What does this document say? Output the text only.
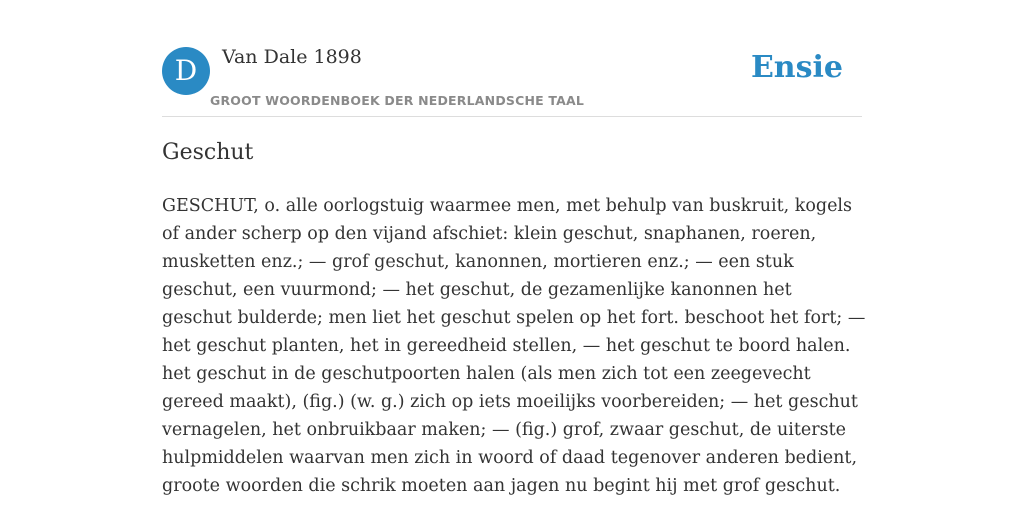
D	Van Dale 1898
GROOT WOORDENBOEK DER NEDERLANDSCHE TAAL
Ensie
Geschut

GESCHUT, o. alle oorlogstuig waarmee men, met behulp van buskruit, kogels of ander scherp op den vijand afschiet: klein geschut, snaphanen, roeren, musketten enz.; — grof geschut, kanonnen, mortieren enz.; — een stuk geschut, een vuurmond; — het geschut, de gezamenlijke kanonnen het geschut bulderde; men liet het geschut spelen op het fort. beschoot het fort; — het geschut planten, het in gereedheid stellen, — het geschut te boord halen. het geschut in de geschutpoorten halen (als men zich tot een zeegevecht gereed maakt), (fig.) (w. g.) zich op iets moeilijks voorbereiden; — het geschut vernagelen, het onbruikbaar maken; — (fig.) grof, zwaar geschut, de uiterste hulpmiddelen waarvan men zich in woord of daad tegenover anderen bedient, groote woorden die schrik moeten aan jagen nu begint hij met grof geschut.
